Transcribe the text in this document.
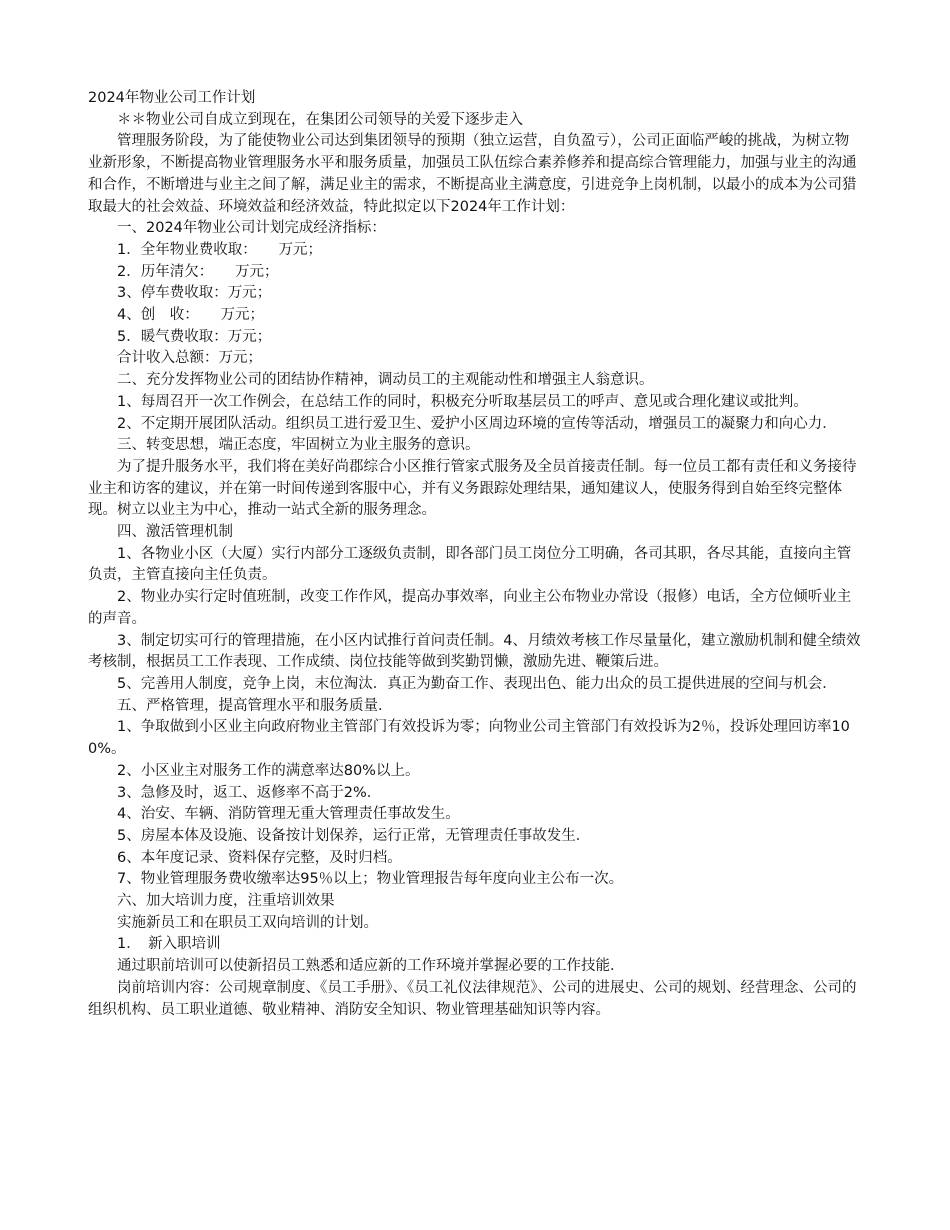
2024年物业公司工作计划

＊＊物业公司自成立到现在，在集团公司领导的关爱下逐步走入

管理服务阶段，为了能使物业公司达到集团领导的预期（独立运营，自负盈亏），公司正面临严峻的挑战，为树立物业新形象，不断提高物业管理服务水平和服务质量，加强员工队伍综合素养修养和提高综合管理能力，加强与业主的沟通和合作，不断增进与业主之间了解，满足业主的需求，不断提高业主满意度，引进竞争上岗机制，以最小的成本为公司猎取最大的社会效益、环境效益和经济效益，特此拟定以下2024年工作计划：

一、2024年物业公司计划完成经济指标：

1．全年物业费收取：　　万元；

2．历年清欠：　　万元；

3、停车费收取：万元；

4、创　收：　　万元；

5．暖气费收取：万元；

合计收入总额：万元；

二、充分发挥物业公司的团结协作精神，调动员工的主观能动性和增强主人翁意识。

1、每周召开一次工作例会，在总结工作的同时，积极充分听取基层员工的呼声、意见或合理化建议或批判。

2、不定期开展团队活动。组织员工进行爱卫生、爱护小区周边环境的宣传等活动，增强员工的凝聚力和向心力．

三、转变思想，端正态度，牢固树立为业主服务的意识。

为了提升服务水平，我们将在美好尚郡综合小区推行管家式服务及全员首接责任制。每一位员工都有责任和义务接待业主和访客的建议，并在第一时间传递到客服中心，并有义务跟踪处理结果，通知建议人，使服务得到自始至终完整体现。树立以业主为中心，推动一站式全新的服务理念。

四、激活管理机制

1、各物业小区（大厦）实行内部分工逐级负责制，即各部门员工岗位分工明确，各司其职，各尽其能，直接向主管负责，主管直接向主任负责。

2、物业办实行定时值班制，改变工作作风，提高办事效率，向业主公布物业办常设（报修）电话，全方位倾听业主的声音。

3、制定切实可行的管理措施，在小区内试推行首问责任制。4、月绩效考核工作尽量量化，建立激励机制和健全绩效考核制，根据员工工作表现、工作成绩、岗位技能等做到奖勤罚懒，激励先进、鞭策后进。

5、完善用人制度，竞争上岗，末位淘汰．真正为勤奋工作、表现出色、能力出众的员工提供进展的空间与机会．

五、严格管理，提高管理水平和服务质量．

1、争取做到小区业主向政府物业主管部门有效投诉为零；向物业公司主管部门有效投诉为2％，投诉处理回访率100%。

2、小区业主对服务工作的满意率达80%以上。

3、急修及时，返工、返修率不高于2%．

4、治安、车辆、消防管理无重大管理责任事故发生。

5、房屋本体及设施、设备按计划保养，运行正常，无管理责任事故发生．

6、本年度记录、资料保存完整，及时归档。

7、物业管理服务费收缴率达95％以上；物业管理报告每年度向业主公布一次。

六、加大培训力度，注重培训效果

实施新员工和在职员工双向培训的计划。

1．　新入职培训

通过职前培训可以使新招员工熟悉和适应新的工作环境并掌握必要的工作技能．

岗前培训内容：公司规章制度、《员工手册》、《员工礼仪法律规范》、公司的进展史、公司的规划、经营理念、公司的组织机构、员工职业道德、敬业精神、消防安全知识、物业管理基础知识等内容。
